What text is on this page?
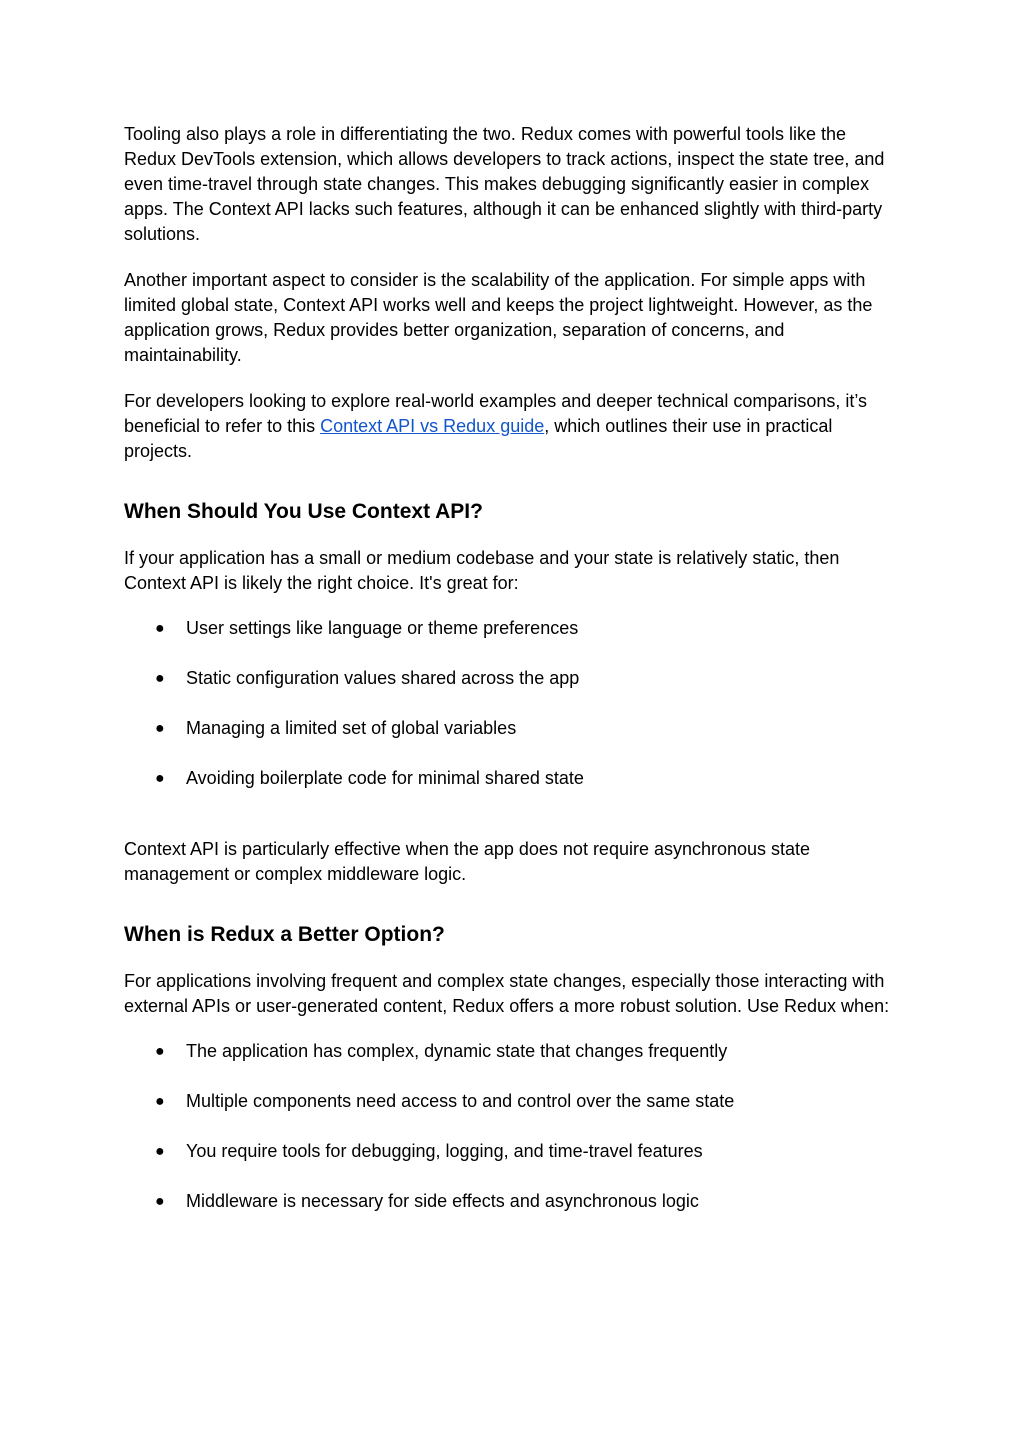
Tooling also plays a role in differentiating the two. Redux comes with powerful tools like the Redux DevTools extension, which allows developers to track actions, inspect the state tree, and even time-travel through state changes. This makes debugging significantly easier in complex apps. The Context API lacks such features, although it can be enhanced slightly with third-party solutions.

Another important aspect to consider is the scalability of the application. For simple apps with limited global state, Context API works well and keeps the project lightweight. However, as the application grows, Redux provides better organization, separation of concerns, and maintainability.

For developers looking to explore real-world examples and deeper technical comparisons, it’s beneficial to refer to this Context API vs Redux guide, which outlines their use in practical projects.

When Should You Use Context API?

If your application has a small or medium codebase and your state is relatively static, then Context API is likely the right choice. It's great for:

● User settings like language or theme preferences
● Static configuration values shared across the app
● Managing a limited set of global variables
● Avoiding boilerplate code for minimal shared state

Context API is particularly effective when the app does not require asynchronous state management or complex middleware logic.

When is Redux a Better Option?

For applications involving frequent and complex state changes, especially those interacting with external APIs or user-generated content, Redux offers a more robust solution. Use Redux when:

● The application has complex, dynamic state that changes frequently
● Multiple components need access to and control over the same state
● You require tools for debugging, logging, and time-travel features
● Middleware is necessary for side effects and asynchronous logic
